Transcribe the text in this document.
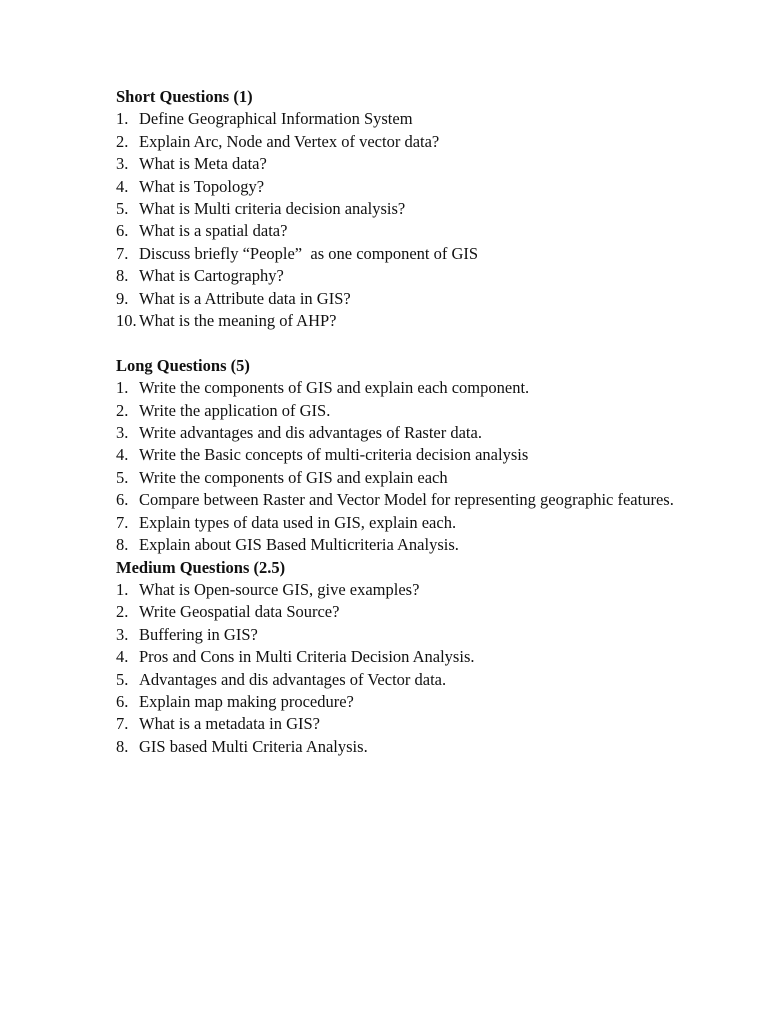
Short Questions (1)

1. Define Geographical Information System
2. Explain Arc, Node and Vertex of vector data?
3. What is Meta data?
4. What is Topology?
5. What is Multi criteria decision analysis?
6. What is a spatial data?
7. Discuss briefly “People”  as one component of GIS
8. What is Cartography?
9. What is a Attribute data in GIS?
10. What is the meaning of AHP?

Long Questions (5)

1. Write the components of GIS and explain each component.
2. Write the application of GIS.
3. Write advantages and dis advantages of Raster data.
4. Write the Basic concepts of multi-criteria decision analysis
5. Write the components of GIS and explain each
6. Compare between Raster and Vector Model for representing geographic features.
7. Explain types of data used in GIS, explain each.
8. Explain about GIS Based Multicriteria Analysis.

Medium Questions (2.5)

1. What is Open-source GIS, give examples?
2. Write Geospatial data Source?
3. Buffering in GIS?
4. Pros and Cons in Multi Criteria Decision Analysis.
5. Advantages and dis advantages of Vector data.
6. Explain map making procedure?
7. What is a metadata in GIS?
8. GIS based Multi Criteria Analysis.
